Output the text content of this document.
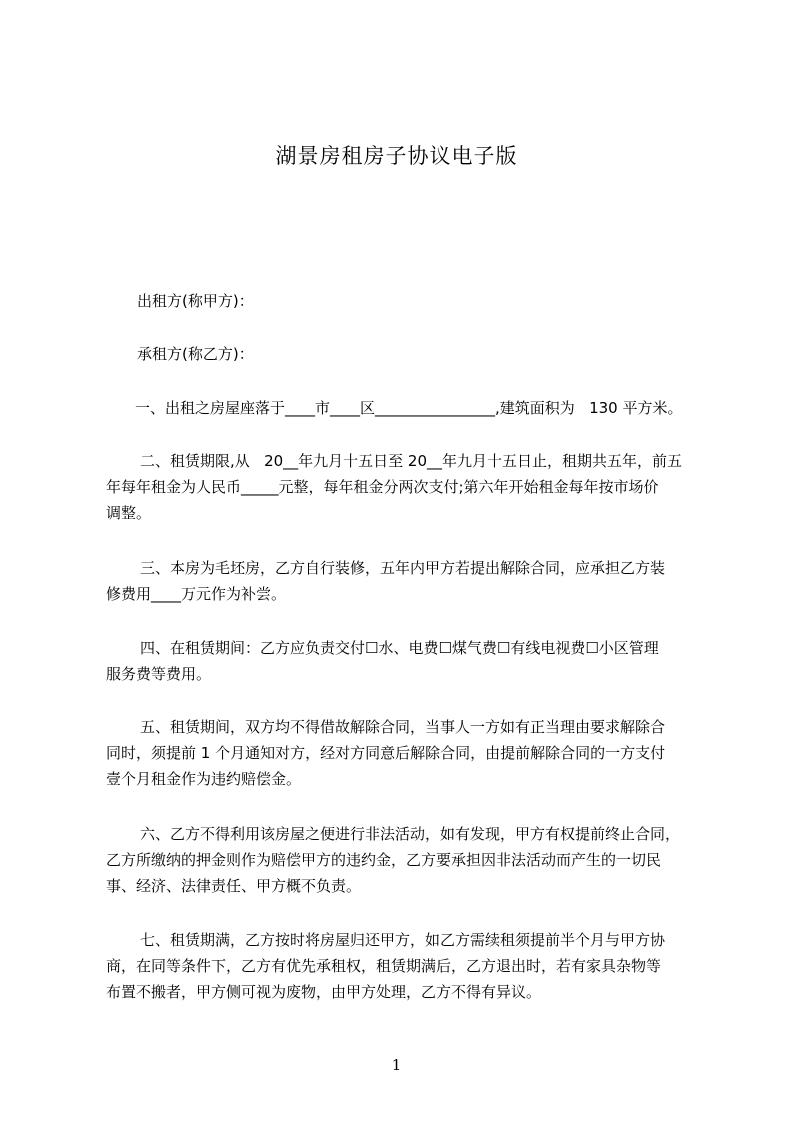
湖景房租房子协议电子版
出租方(称甲方)：
承租方(称乙方)：
一、出租之房屋座落于____市____区________________,建筑面积为   130 平方米。
二、租赁期限,从   20__年九月十五日至 20__年九月十五日止，租期共五年，前五
年每年租金为人民币_____元整，每年租金分两次支付;第六年开始租金每年按市场价
调整。
三、本房为毛坯房，乙方自行装修，五年内甲方若提出解除合同，应承担乙方装
修费用____万元作为补尝。
四、在租赁期间：乙方应负责交付☐水、电费☐煤气费☐有线电视费☐小区管理
服务费等费用。
五、租赁期间，双方均不得借故解除合同，当事人一方如有正当理由要求解除合
同时，须提前 1 个月通知对方，经对方同意后解除合同，由提前解除合同的一方支付
壹个月租金作为违约赔偿金。
六、乙方不得利用该房屋之便进行非法活动，如有发现，甲方有权提前终止合同，
乙方所缴纳的押金则作为赔偿甲方的违约金，乙方要承担因非法活动而产生的一切民
事、经济、法律责任、甲方概不负责。
七、租赁期满，乙方按时将房屋归还甲方，如乙方需续租须提前半个月与甲方协
商，在同等条件下，乙方有优先承租权，租赁期满后，乙方退出时，若有家具杂物等
布置不搬者，甲方侧可视为废物，由甲方处理，乙方不得有异议。
1
